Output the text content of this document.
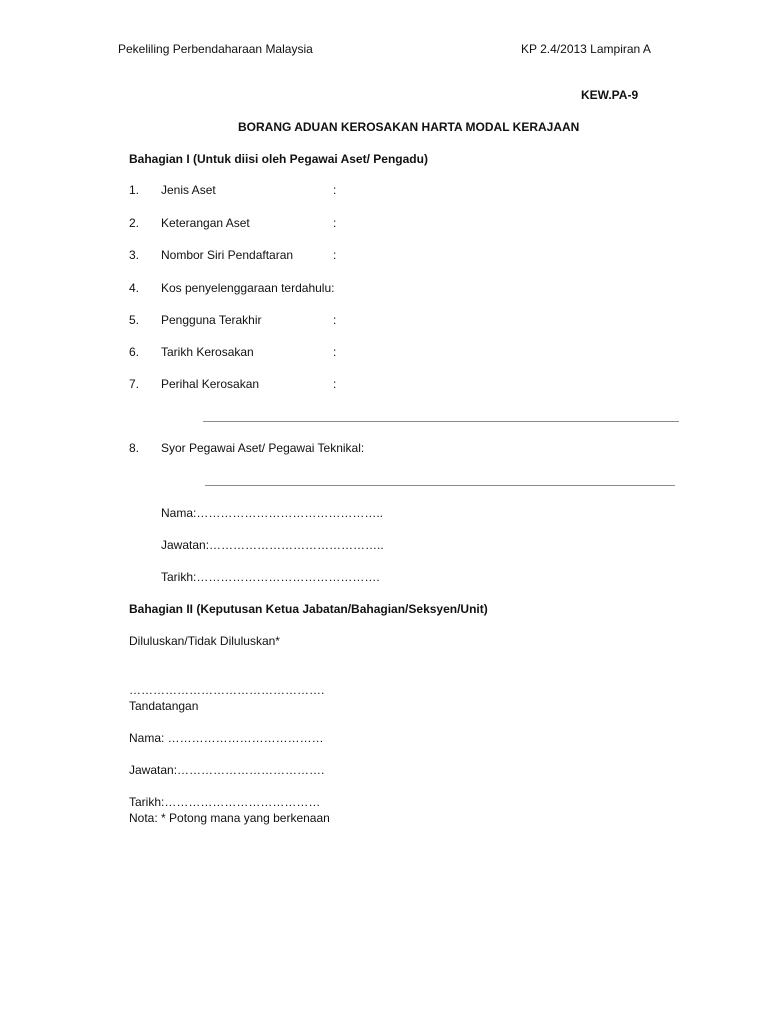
Pekeliling Perbendaharaan Malaysia	KP 2.4/2013 Lampiran A
KEW.PA-9
BORANG ADUAN KEROSAKAN HARTA MODAL KERAJAAN
Bahagian I (Untuk diisi oleh Pegawai Aset/ Pengadu)
1. Jenis Aset	:
2. Keterangan Aset	:
3. Nombor Siri Pendaftaran	:
4. Kos penyelenggaraan terdahulu:
5. Pengguna Terakhir	:
6. Tarikh Kerosakan	:
7. Perihal Kerosakan	:
8. Syor Pegawai Aset/ Pegawai Teknikal:
Nama:………………………………………..
Jawatan:……………………………………..
Tarikh:……………………………………….
Bahagian II (Keputusan Ketua Jabatan/Bahagian/Seksyen/Unit)
Diluluskan/Tidak Diluluskan*
………………………………………….
Tandatangan
Nama: …………………………………
Jawatan:……………………………….
Tarikh:…………………………………
Nota: * Potong mana yang berkenaan
